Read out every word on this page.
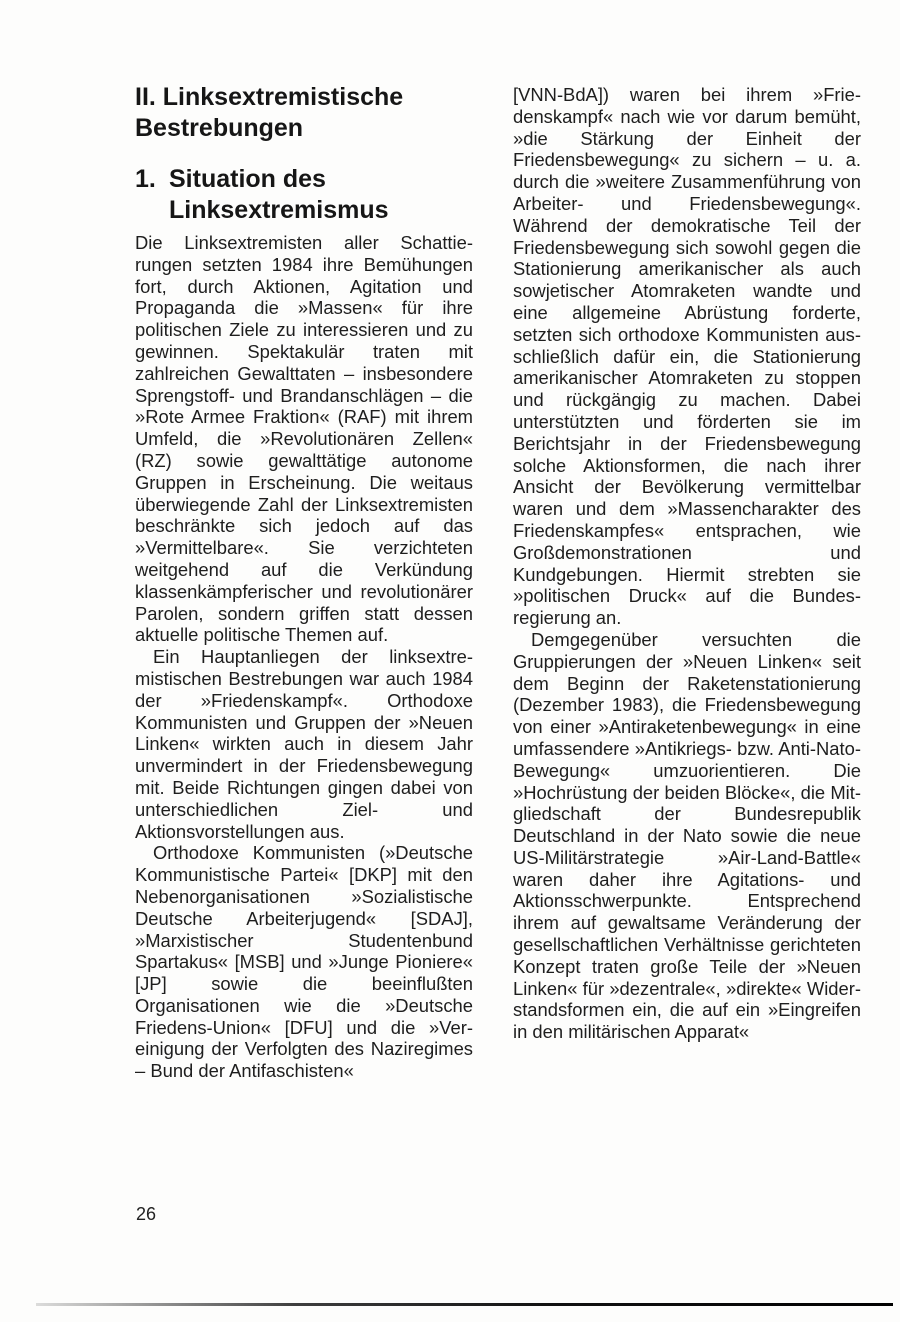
II. Linksextremistische Bestrebungen
1. Situation des Linksextremismus

Die Linksextremisten aller Schattierungen setzten 1984 ihre Bemühungen fort, durch Aktionen, Agitation und Propaganda die »Massen« für ihre politischen Ziele zu interessieren und zu gewinnen. Spektakulär traten mit zahlreichen Gewalttaten – insbesondere Sprengstoff- und Brandanschlägen – die »Rote Armee Fraktion« (RAF) mit ihrem Umfeld, die »Revolutionären Zellen« (RZ) sowie gewalttätige autonome Gruppen in Erscheinung. Die weitaus überwiegende Zahl der Linksextremisten beschränkte sich jedoch auf das »Vermittelbare«. Sie verzichteten weitgehend auf die Verkündung klassenkämpferischer und revolutionärer Parolen, sondern griffen statt dessen aktuelle politische Themen auf.

Ein Hauptanliegen der linksextremistischen Bestrebungen war auch 1984 der »Friedenskampf«. Orthodoxe Kommunisten und Gruppen der »Neuen Linken« wirkten auch in diesem Jahr unvermindert in der Friedensbewegung mit. Beide Richtungen gingen dabei von unterschiedlichen Ziel- und Aktionsvorstellungen aus.

Orthodoxe Kommunisten (»Deutsche Kommunistische Partei« [DKP] mit den Nebenorganisationen »Sozialistische Deutsche Arbeiterjugend« [SDAJ], »Marxistischer Studentenbund Spartakus« [MSB] und »Junge Pioniere« [JP] sowie die beeinflußten Organisationen wie die »Deutsche Friedens-Union« [DFU] und die »Vereinigung der Verfolgten des Naziregimes – Bund der Antifaschisten«

[VNN-BdA]) waren bei ihrem »Friedenskampf« nach wie vor darum bemüht, »die Stärkung der Einheit der Friedensbewegung« zu sichern – u. a. durch die »weitere Zusammenführung von Arbeiter- und Friedensbewegung«. Während der demokratische Teil der Friedensbewegung sich sowohl gegen die Stationierung amerikanischer als auch sowjetischer Atomraketen wandte und eine allgemeine Abrüstung forderte, setzten sich orthodoxe Kommunisten ausschließlich dafür ein, die Stationierung amerikanischer Atomraketen zu stoppen und rückgängig zu machen. Dabei unterstützten und förderten sie im Berichtsjahr in der Friedensbewegung solche Aktionsformen, die nach ihrer Ansicht der Bevölkerung vermittelbar waren und dem »Massencharakter des Friedenskampfes« entsprachen, wie Großdemonstrationen und Kundgebungen. Hiermit strebten sie »politischen Druck« auf die Bundesregierung an.

Demgegenüber versuchten die Gruppierungen der »Neuen Linken« seit dem Beginn der Raketenstationierung (Dezember 1983), die Friedensbewegung von einer »Antiraketenbewegung« in eine umfassendere »Antikriegs- bzw. Anti-Nato-Bewegung« umzuorientieren. Die »Hochrüstung der beiden Blöcke«, die Mitgliedschaft der Bundesrepublik Deutschland in der Nato sowie die neue US-Militärstrategie »Air-Land-Battle« waren daher ihre Agitations- und Aktionsschwerpunkte. Entsprechend ihrem auf gewaltsame Veränderung der gesellschaftlichen Verhältnisse gerichteten Konzept traten große Teile der »Neuen Linken« für »dezentrale«, »direkte« Widerstandsformen ein, die auf ein »Eingreifen in den militärischen Apparat«

26
